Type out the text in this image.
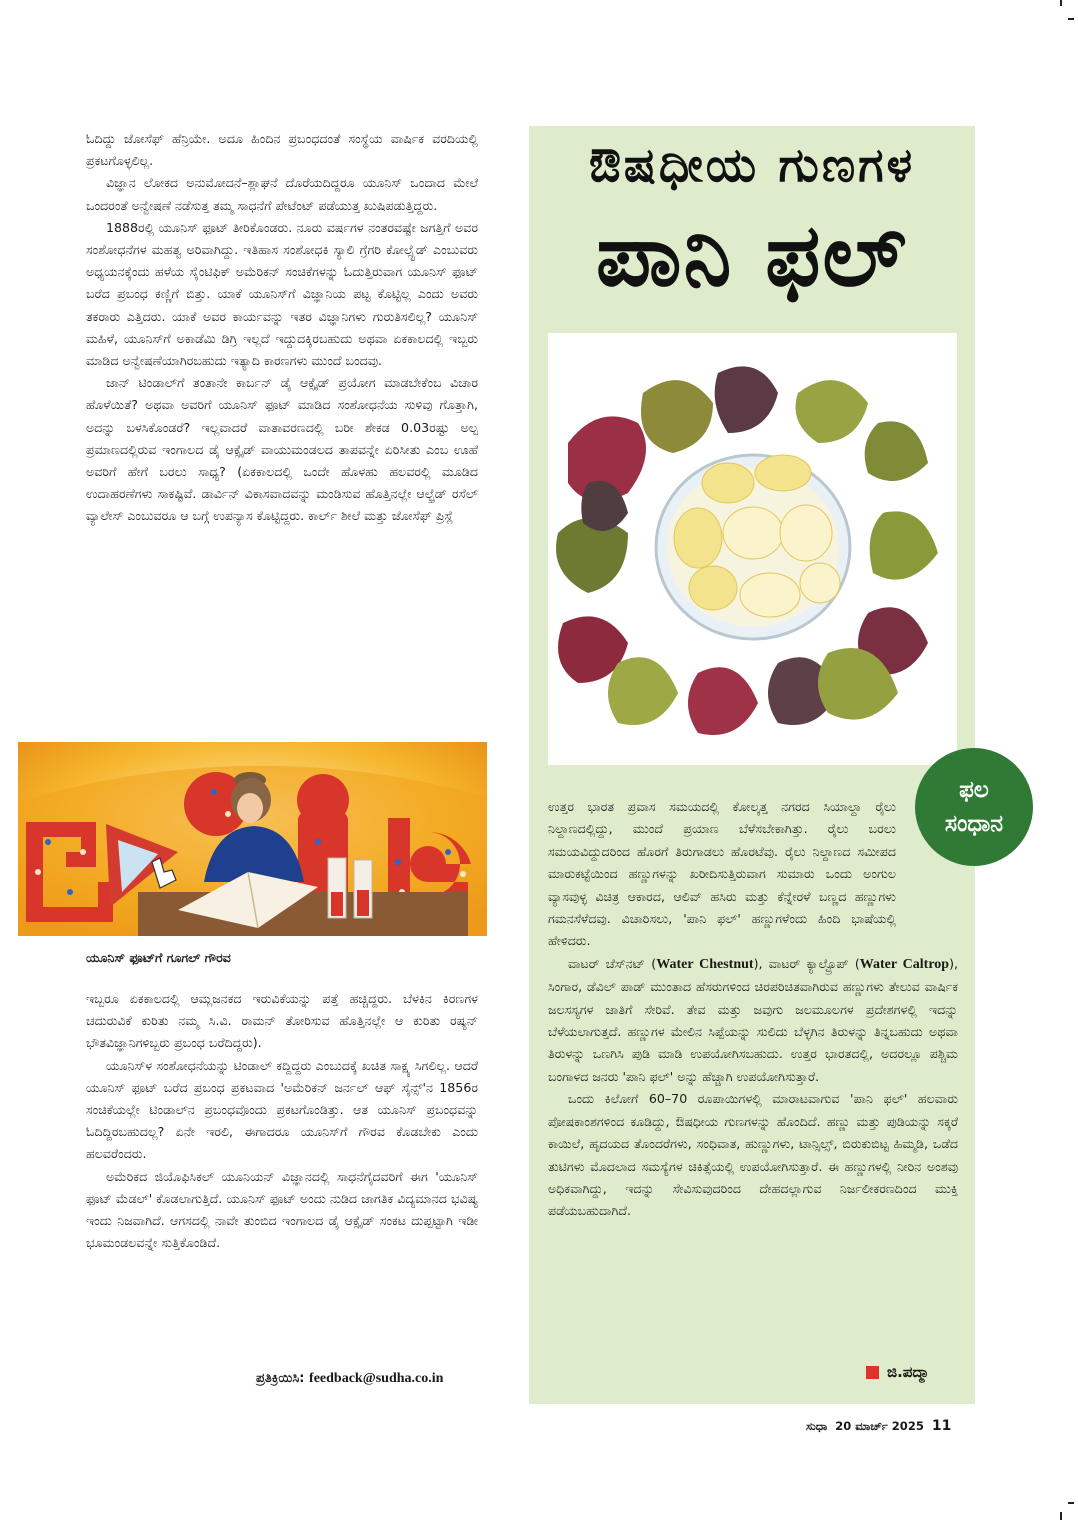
ಓದಿದ್ದು ಜೋಸೆಫ್ ಹೆನ್ರಿಯೇ. ಅದೂ ಹಿಂದಿನ ಪ್ರಬಂಧದಂತೆ ಸಂಸ್ಥೆಯ ವಾರ್ಷಿಕ ವರದಿಯಲ್ಲಿ ಪ್ರಕಟಗೊಳ್ಳಲಿಲ್ಲ.

ವಿಜ್ಞಾನ ಲೋಕದ ಅನುಮೋದನೆ–ಶ್ಲಾಘನೆ ದೊರೆಯದಿದ್ದರೂ ಯೂನಿಸ್ ಒಂದಾದ ಮೇಲೆ ಒಂದರಂತೆ ಅನ್ವೇಷಣೆ ನಡೆಸುತ್ತ ತಮ್ಮ ಸಾಧನೆಗೆ ಪೇಟೆಂಟ್ ಪಡೆಯುತ್ತ ಖುಷಿಪಡುತ್ತಿದ್ದರು.

1888ರಲ್ಲಿ ಯೂನಿಸ್ ಫೂಟ್ ತೀರಿಕೊಂಡರು. ನೂರು ವರ್ಷಗಳ ನಂತರವಷ್ಟೇ ಜಗತ್ತಿಗೆ ಅವರ ಸಂಶೋಧನೆಗಳ ಮಹತ್ವ ಅರಿವಾಗಿದ್ದು. ಇತಿಹಾಸ ಸಂಶೋಧಕಿ ಸ್ಯಾಲಿ ಗ್ರೆಗರಿ ಕೋಲ್ಸ್ಟೆಡ್ ಎಂಬುವರು ಅಧ್ಯಯನಕ್ಕೆಂದು ಹಳೆಯ ಸೈಂಟಿಫಿಕ್ ಅಮೆರಿಕನ್ ಸಂಚಿಕೆಗಳನ್ನು ಓದುತ್ತಿರುವಾಗ ಯೂನಿಸ್ ಫೂಟ್ ಬರೆದ ಪ್ರಬಂಧ ಕಣ್ಣಿಗೆ ಬಿತ್ತು. ಯಾಕೆ ಯೂನಿಸ್‌ಗೆ ವಿಜ್ಞಾನಿಯ ಪಟ್ಟ ಕೊಟ್ಟಿಲ್ಲ ಎಂದು ಅವರು ತಕರಾರು ಎತ್ತಿದರು. ಯಾಕೆ ಅವರ ಕಾರ್ಯವನ್ನು ಇತರ ವಿಜ್ಞಾನಿಗಳು ಗುರುತಿಸಲಿಲ್ಲ? ಯೂನಿಸ್ ಮಹಿಳೆ, ಯೂನಿಸ್‌ಗೆ ಅಕಾಡೆಮಿ ಡಿಗ್ರಿ ಇಲ್ಲದೆ ಇದ್ದುದಕ್ಕಿರಬಹುದು ಅಥವಾ ಏಕಕಾಲದಲ್ಲಿ ಇಬ್ಬರು ಮಾಡಿದ ಅನ್ವೇಷಣೆಯಾಗಿರಬಹುದು ಇತ್ಯಾದಿ ಕಾರಣಗಳು ಮುಂದೆ ಬಂದವು.

ಜಾನ್ ಟಿಂಡಾಲ್‌ಗೆ ತಂತಾನೇ ಕಾರ್ಬನ್ ಡೈ ಆಕ್ಸೈಡ್ ಪ್ರಯೋಗ ಮಾಡಬೇಕೆಂಬ ವಿಚಾರ ಹೊಳೆಯಿತೆ? ಅಥವಾ ಅವರಿಗೆ ಯೂನಿಸ್ ಫೂಟ್ ಮಾಡಿದ ಸಂಶೋಧನೆಯ ಸುಳಿವು ಗೊತ್ತಾಗಿ, ಅದನ್ನು ಬಳಸಿಕೊಂಡರೆ? ಇಲ್ಲವಾದರೆ ವಾತಾವರಣದಲ್ಲಿ ಬರೀ ಶೇಕಡ 0.03ರಷ್ಟು ಅಲ್ಪ ಪ್ರಮಾಣದಲ್ಲಿರುವ ಇಂಗಾಲದ ಡೈ ಆಕ್ಸೈಡ್ ವಾಯುಮಂಡಲದ ತಾಪವನ್ನೇ ಏರಿಸೀತು ಎಂಬ ಊಹೆ ಅವರಿಗೆ ಹೇಗೆ ಬರಲು ಸಾಧ್ಯ? (ಏಕಕಾಲದಲ್ಲಿ ಒಂದೇ ಹೊಳಹು ಹಲವರಲ್ಲಿ ಮೂಡಿದ ಉದಾಹರಣೆಗಳು ಸಾಕಷ್ಟಿವೆ. ಡಾರ್ವಿನ್ ವಿಕಾಸವಾದವನ್ನು ಮಂಡಿಸುವ ಹೊತ್ತಿನಲ್ಲೇ ಆಲ್ಫ್ರೆಡ್ ರಸೆಲ್ ವ್ಯಾಲೇಸ್ ಎಂಬುವರೂ ಆ ಬಗ್ಗೆ ಉಪನ್ಯಾಸ ಕೊಟ್ಟಿದ್ದರು. ಕಾರ್ಲ್ ಶೀಲೆ ಮತ್ತು ಜೋಸೆಫ್ ಪ್ರಿಸ್ಲೆ

ಯೂನಿಸ್ ಫೂಟ್‌ಗೆ ಗೂಗಲ್ ಗೌರವ

ಇಬ್ಬರೂ ಏಕಕಾಲದಲ್ಲಿ ಆಮ್ಲಜನಕದ ಇರುವಿಕೆಯನ್ನು ಪತ್ತೆ ಹಚ್ಚಿದ್ದರು. ಬೆಳಕಿನ ಕಿರಣಗಳ ಚದುರುವಿಕೆ ಕುರಿತು ನಮ್ಮ ಸಿ.ವಿ. ರಾಮನ್ ತೋರಿಸುವ ಹೊತ್ತಿನಲ್ಲೇ ಆ ಕುರಿತು ರಷ್ಯನ್ ಭೌತವಿಜ್ಞಾನಿಗಳಿಬ್ಬರು ಪ್ರಬಂಧ ಬರೆದಿದ್ದರು).

ಯೂನಿಸ್‌ಳ ಸಂಶೋಧನೆಯನ್ನು ಟಿಂಡಾಲ್ ಕದ್ದಿದ್ದರು ಎಂಬುದಕ್ಕೆ ಖಚಿತ ಸಾಕ್ಷ್ಯ ಸಿಗಲಿಲ್ಲ. ಆದರೆ ಯೂನಿಸ್ ಫೂಟ್ ಬರೆದ ಪ್ರಬಂಧ ಪ್ರಕಟವಾದ 'ಅಮೆರಿಕನ್ ಜರ್ನಲ್ ಆಫ್ ಸೈನ್ಸ್'ನ 1856ರ ಸಂಚಿಕೆಯಲ್ಲೇ ಟಿಂಡಾಲ್‌ನ ಪ್ರಬಂಧವೊಂದು ಪ್ರಕಟಗೊಂಡಿತ್ತು. ಆತ ಯೂನಿಸ್ ಪ್ರಬಂಧವನ್ನು ಓದಿದ್ದಿರಬಹುದಲ್ಲ? ಏನೇ ಇರಲಿ, ಈಗಾದರೂ ಯೂನಿಸ್‌ಗೆ ಗೌರವ ಕೊಡಬೇಕು ಎಂದು ಹಲವರೆಂದರು.

ಅಮೆರಿಕದ ಜಿಯೊಫಿಸಿಕಲ್ ಯೂನಿಯನ್ ವಿಜ್ಞಾನದಲ್ಲಿ ಸಾಧನೆಗೈದವರಿಗೆ ಈಗ 'ಯೂನಿಸ್ ಫೂಟ್ ಮೆಡಲ್' ಕೊಡಲಾಗುತ್ತಿದೆ. ಯೂನಿಸ್ ಫೂಟ್ ಅಂದು ನುಡಿದ ಜಾಗತಿಕ ವಿದ್ಯಮಾನದ ಭವಿಷ್ಯ ಇಂದು ನಿಜವಾಗಿದೆ. ಆಗಸದಲ್ಲಿ ನಾವೇ ತುಂಬಿದ ಇಂಗಾಲದ ಡೈ ಆಕ್ಸೈಡ್ ಸಂಕಟ ದುಪ್ಪಟ್ಟಾಗಿ ಇಡೀ ಭೂಮಂಡಲವನ್ನೇ ಸುತ್ತಿಕೊಂಡಿದೆ.

ಪ್ರತಿಕ್ರಿಯಿಸಿ: feedback@sudha.co.in
ಔಷಧೀಯ ಗುಣಗಳ
ಪಾನಿ ಫಲ್
ಫಲ
ಸಂಧಾನ

ಉತ್ತರ ಭಾರತ ಪ್ರವಾಸ ಸಮಯದಲ್ಲಿ ಕೋಲ್ಕತ್ತ ನಗರದ ಸಿಯಾಲ್ದಾ ರೈಲು ನಿಲ್ದಾಣದಲ್ಲಿದ್ದು, ಮುಂದೆ ಪ್ರಯಾಣ ಬೆಳೆಸಬೇಕಾಗಿತ್ತು. ರೈಲು ಬರಲು ಸಮಯವಿದ್ದುದರಿಂದ ಹೊರಗೆ ತಿರುಗಾಡಲು ಹೊರಟೆವು. ರೈಲು ನಿಲ್ದಾಣದ ಸಮೀಪದ ಮಾರುಕಟ್ಟೆಯಿಂದ ಹಣ್ಣುಗಳನ್ನು ಖರೀದಿಸುತ್ತಿರುವಾಗ ಸುಮಾರು ಒಂದು ಅಂಗುಲ ವ್ಯಾಸವುಳ್ಳ ವಿಚಿತ್ರ ಆಕಾರದ, ಆಲಿವ್ ಹಸಿರು ಮತ್ತು ಕೆನ್ನೇರಳೆ ಬಣ್ಣದ ಹಣ್ಣುಗಳು ಗಮನಸೆಳೆದವು. ವಿಚಾರಿಸಲು, 'ಪಾನಿ ಫಲ್' ಹಣ್ಣುಗಳೆಂದು ಹಿಂದಿ ಭಾಷೆಯಲ್ಲಿ ಹೇಳಿದರು.

ವಾಟರ್ ಚೆಸ್‌ನಟ್ (Water Chestnut), ವಾಟರ್ ಕ್ಯಾಲ್ಟ್ರೊಪ್ (Water Caltrop), ಸಿಂಗಾರ, ಡೆವಿಲ್ ಪಾಡ್ ಮುಂತಾದ ಹೆಸರುಗಳಿಂದ ಚಿರಪರಿಚಿತವಾಗಿರುವ ಹಣ್ಣುಗಳು ತೇಲುವ ವಾರ್ಷಿಕ ಜಲಸಸ್ಯಗಳ ಜಾತಿಗೆ ಸೇರಿವೆ. ತೇವ ಮತ್ತು ಜವುಗು ಜಲಮೂಲಗಳ ಪ್ರದೇಶಗಳಲ್ಲಿ ಇದನ್ನು ಬೆಳೆಯಲಾಗುತ್ತದೆ. ಹಣ್ಣುಗಳ ಮೇಲಿನ ಸಿಪ್ಪೆಯನ್ನು ಸುಲಿದು ಬೆಳ್ಳಗಿನ ತಿರುಳನ್ನು ತಿನ್ನಬಹುದು ಅಥವಾ ತಿರುಳನ್ನು ಒಣಗಿಸಿ ಪುಡಿ ಮಾಡಿ ಉಪಯೋಗಿಸಬಹುದು. ಉತ್ತರ ಭಾರತದಲ್ಲಿ, ಅದರಲ್ಲೂ ಪಶ್ಚಿಮ ಬಂಗಾಳದ ಜನರು 'ಪಾನಿ ಫಲ್' ಅನ್ನು ಹೆಚ್ಚಾಗಿ ಉಪಯೋಗಿಸುತ್ತಾರೆ.

ಒಂದು ಕಿಲೋಗೆ 60–70 ರೂಪಾಯಿಗಳಲ್ಲಿ ಮಾರಾಟವಾಗುವ 'ಪಾನಿ ಫಲ್' ಹಲವಾರು ಪೋಷಕಾಂಶಗಳಿಂದ ಕೂಡಿದ್ದು, ಔಷಧೀಯ ಗುಣಗಳನ್ನು ಹೊಂದಿದೆ. ಹಣ್ಣು ಮತ್ತು ಪುಡಿಯನ್ನು ಸಕ್ಕರೆ ಕಾಯಿಲೆ, ಹೃದಯದ ತೊಂದರೆಗಳು, ಸಂಧಿವಾತ, ಹುಣ್ಣುಗಳು, ಟಾನ್ಸಿಲ್ಸ್, ಬಿರುಕುಬಿಟ್ಟ ಹಿಮ್ಮಡಿ, ಒಡೆದ ತುಟಿಗಳು ಮೊದಲಾದ ಸಮಸ್ಯೆಗಳ ಚಿಕಿತ್ಸೆಯಲ್ಲಿ ಉಪಯೋಗಿಸುತ್ತಾರೆ. ಈ ಹಣ್ಣುಗಳಲ್ಲಿ ನೀರಿನ ಅಂಶವು ಅಧಿಕವಾಗಿದ್ದು, ಇದನ್ನು ಸೇವಿಸುವುದರಿಂದ ದೇಹದಲ್ಲಾಗುವ ನಿರ್ಜಲೀಕರಣದಿಂದ ಮುಕ್ತಿ ಪಡೆಯಬಹುದಾಗಿದೆ.

ಜಿ.ಪದ್ಮಾ
ಸುಧಾ 20 ಮಾರ್ಚ್ 2025 11
